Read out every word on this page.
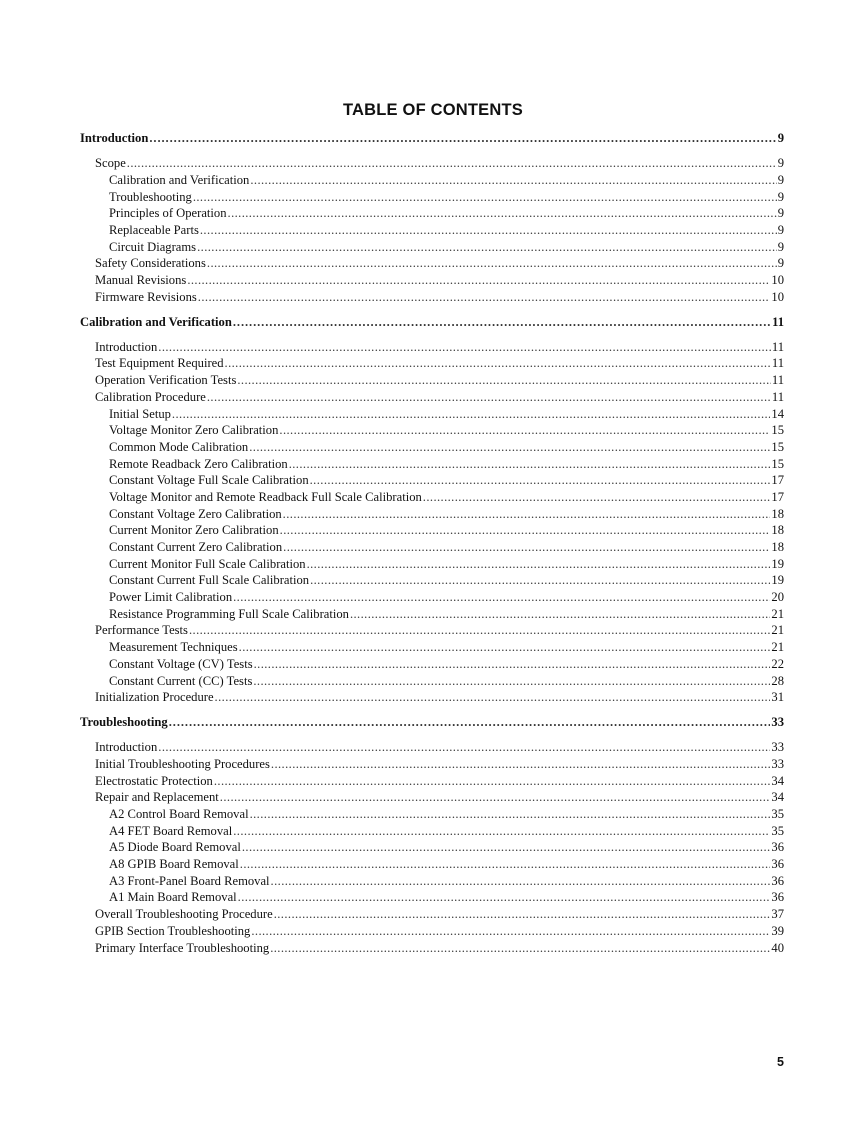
TABLE OF CONTENTS
Introduction .....	9
Scope .....	9
Calibration and Verification .....	9
Troubleshooting .....	9
Principles of Operation .....	9
Replaceable Parts .....	9
Circuit Diagrams .....	9
Safety Considerations .....	9
Manual Revisions .....	10
Firmware Revisions .....	10
Calibration and Verification .....	11
Introduction .....	11
Test Equipment Required .....	11
Operation Verification Tests .....	11
Calibration Procedure .....	11
Initial Setup .....	14
Voltage Monitor Zero Calibration .....	15
Common Mode Calibration .....	15
Remote Readback Zero Calibration .....	15
Constant Voltage Full Scale Calibration .....	17
Voltage Monitor and Remote Readback Full Scale Calibration .....	17
Constant Voltage Zero Calibration .....	18
Current Monitor Zero Calibration .....	18
Constant Current Zero Calibration .....	18
Current Monitor Full Scale Calibration .....	19
Constant Current Full Scale Calibration .....	19
Power Limit Calibration .....	20
Resistance Programming Full Scale Calibration .....	21
Performance Tests .....	21
Measurement Techniques .....	21
Constant Voltage (CV) Tests .....	22
Constant Current (CC) Tests .....	28
Initialization Procedure .....	31
Troubleshooting .....	33
Introduction .....	33
Initial Troubleshooting Procedures .....	33
Electrostatic Protection .....	34
Repair and Replacement .....	34
A2 Control Board Removal .....	35
A4 FET Board Removal .....	35
A5 Diode Board Removal .....	36
A8 GPIB Board Removal .....	36
A3 Front-Panel Board Removal .....	36
A1 Main Board Removal .....	36
Overall Troubleshooting Procedure .....	37
GPIB Section Troubleshooting .....	39
Primary Interface Troubleshooting .....	40
5
